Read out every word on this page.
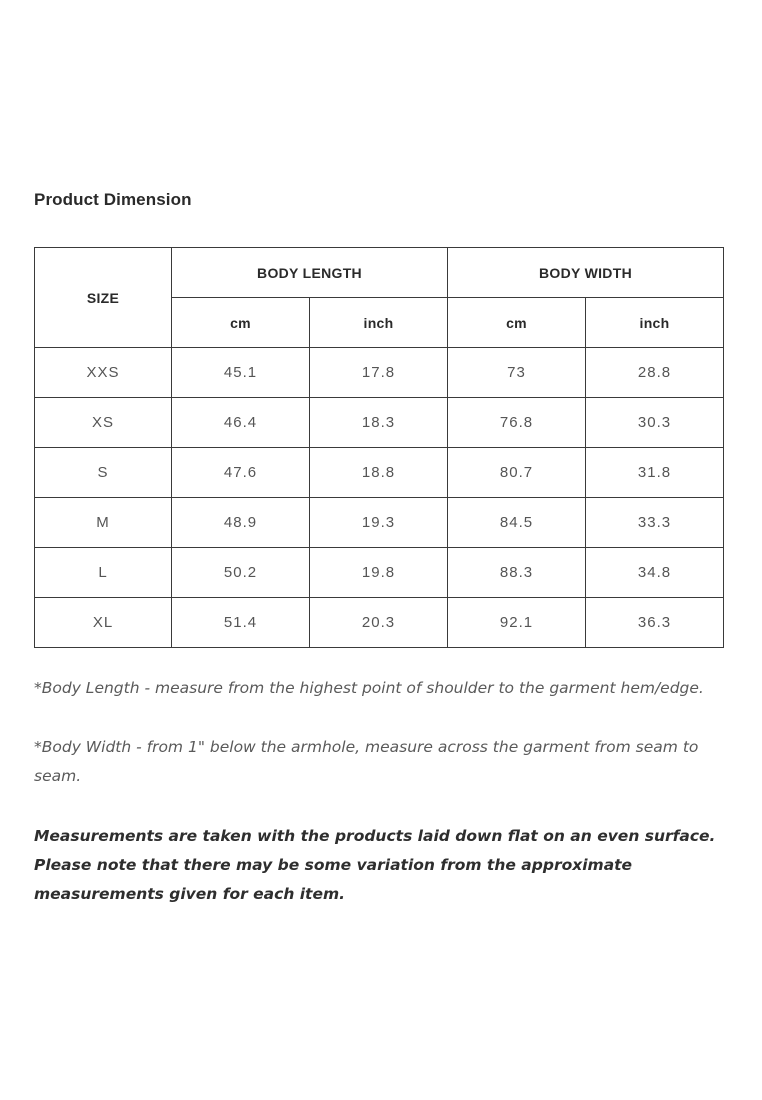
Product Dimension
SIZE	BODY LENGTH		BODY WIDTH	
	cm	inch	cm	inch
XXS	45.1	17.8	73	28.8
XS	46.4	18.3	76.8	30.3
S	47.6	18.8	80.7	31.8
M	48.9	19.3	84.5	33.3
L	50.2	19.8	88.3	34.8
XL	51.4	20.3	92.1	36.3

*Body Length - measure from the highest point of shoulder to the garment hem/edge.

*Body Width - from 1" below the armhole, measure across the garment from seam to seam.

Measurements are taken with the products laid down flat on an even surface. Please note that there may be some variation from the approximate measurements given for each item.
